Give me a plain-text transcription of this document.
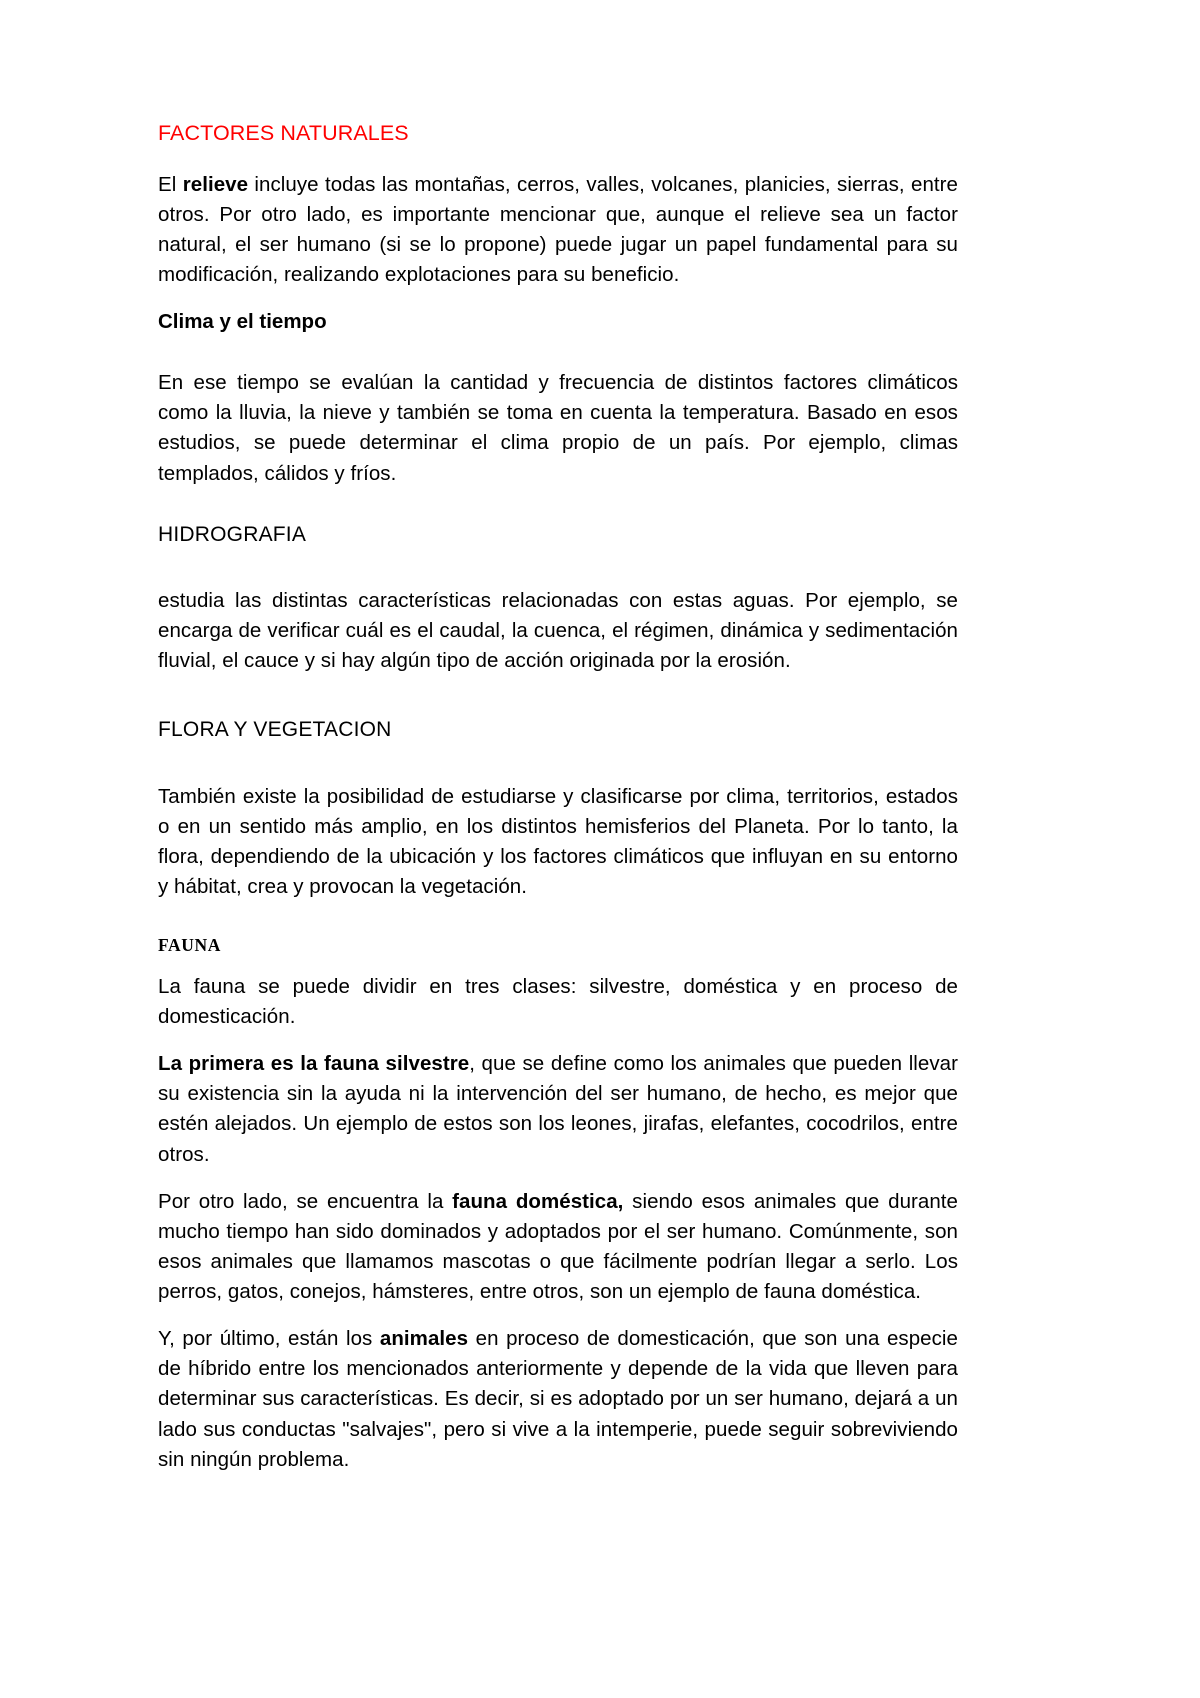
FACTORES NATURALES

El relieve incluye todas las montañas, cerros, valles, volcanes, planicies, sierras, entre otros. Por otro lado, es importante mencionar que, aunque el relieve sea un factor natural, el ser humano (si se lo propone) puede jugar un papel fundamental para su modificación, realizando explotaciones para su beneficio.

Clima y el tiempo

En ese tiempo se evalúan la cantidad y frecuencia de distintos factores climáticos como la lluvia, la nieve y también se toma en cuenta la temperatura. Basado en esos estudios, se puede determinar el clima propio de un país. Por ejemplo, climas templados, cálidos y fríos.

HIDROGRAFIA

estudia las distintas características relacionadas con estas aguas. Por ejemplo, se encarga de verificar cuál es el caudal, la cuenca, el régimen, dinámica y sedimentación fluvial, el cauce y si hay algún tipo de acción originada por la erosión.

FLORA Y VEGETACION

También existe la posibilidad de estudiarse y clasificarse por clima, territorios, estados o en un sentido más amplio, en los distintos hemisferios del Planeta. Por lo tanto, la flora, dependiendo de la ubicación y los factores climáticos que influyan en su entorno y hábitat, crea y provocan la vegetación.

FAUNA

La fauna se puede dividir en tres clases: silvestre, doméstica y en proceso de domesticación.

La primera es la fauna silvestre, que se define como los animales que pueden llevar su existencia sin la ayuda ni la intervención del ser humano, de hecho, es mejor que estén alejados. Un ejemplo de estos son los leones, jirafas, elefantes, cocodrilos, entre otros.

Por otro lado, se encuentra la fauna doméstica, siendo esos animales que durante mucho tiempo han sido dominados y adoptados por el ser humano. Comúnmente, son esos animales que llamamos mascotas o que fácilmente podrían llegar a serlo. Los perros, gatos, conejos, hámsteres, entre otros, son un ejemplo de fauna doméstica.

Y, por último, están los animales en proceso de domesticación, que son una especie de híbrido entre los mencionados anteriormente y depende de la vida que lleven para determinar sus características. Es decir, si es adoptado por un ser humano, dejará a un lado sus conductas "salvajes", pero si vive a la intemperie, puede seguir sobreviviendo sin ningún problema.
